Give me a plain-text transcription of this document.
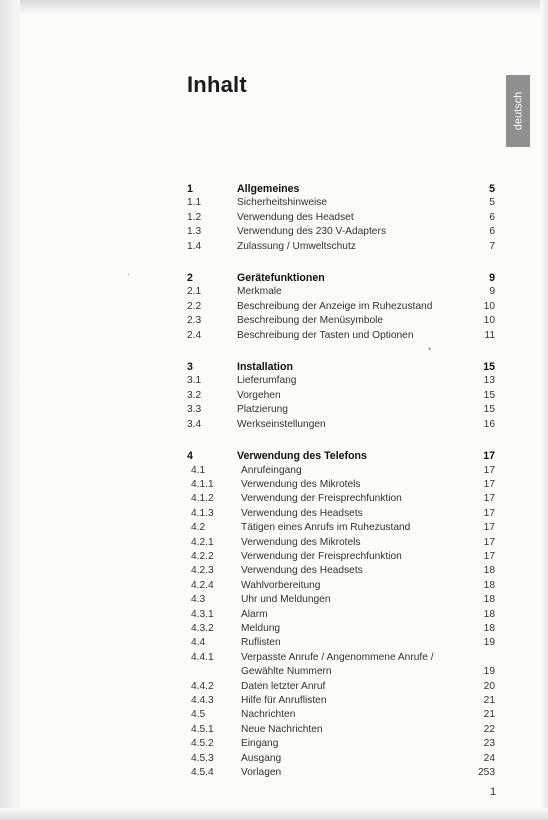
Inhalt
deutsch
1	Allgemeines	5
1.1	Sicherheitshinweise	5
1.2	Verwendung des Headset	6
1.3	Verwendung des 230 V-Adapters	6
1.4	Zulassung / Umweltschutz	7
2	Gerätefunktionen	9
2.1	Merkmale	9
2.2	Beschreibung der Anzeige im Ruhezustand	10
2.3	Beschreibung der Menüsymbole	10
2.4	Beschreibung der Tasten und Optionen	11
3	Installation	15
3.1	Lieferumfang	13
3.2	Vorgehen	15
3.3	Platzierung	15
3.4	Werkseinstellungen	16
4	Verwendung des Telefons	17
4.1	Anrufeingang	17
4.1.1	Verwendung des Mikrotels	17
4.1.2	Verwendung der Freisprechfunktion	17
4.1.3	Verwendung des Headsets	17
4.2	Tätigen eines Anrufs im Ruhezustand	17
4.2.1	Verwendung des Mikrotels	17
4.2.2	Verwendung der Freisprechfunktion	17
4.2.3	Verwendung des Headsets	18
4.2.4	Wahlvorbereitung	18
4.3	Uhr und Meldungen	18
4.3.1	Alarm	18
4.3.2	Meldung	18
4.4	Ruflisten	19
4.4.1	Verpasste Anrufe / Angenommene Anrufe / Gewählte Nummern	19
4.4.2	Daten letzter Anruf	20
4.4.3	Hilfe für Anruflisten	21
4.5	Nachrichten	21
4.5.1	Neue Nachrichten	22
4.5.2	Eingang	23
4.5.3	Ausgang	24
4.5.4	Vorlagen	253
'
•
1
